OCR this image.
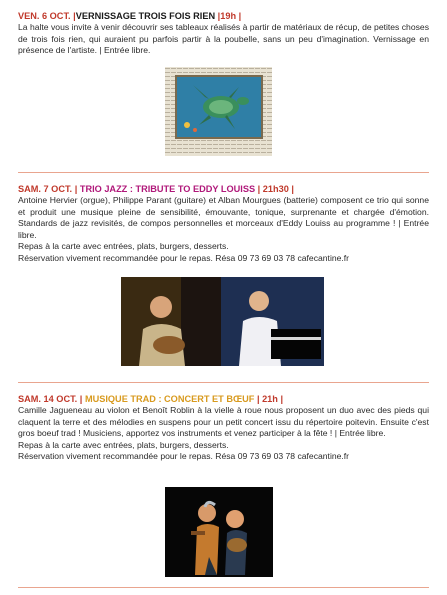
VEN. 6 OCT. |VERNISSAGE TROIS FOIS RIEN |19h |

La halte vous invite à venir découvrir ses tableaux réalisés à partir de matériaux de récup, de petites choses de trois fois rien, qui auraient pu parfois partir à la poubelle, sans un peu d'imagination. Vernissage en présence de l'artiste. | Entrée libre.

SAM. 7 OCT. | TRIO JAZZ : TRIBUTE TO EDDY LOUISS | 21h30 |

Antoine Hervier (orgue), Philippe Parant (guitare) et Alban Mourgues (batterie) composent ce trio qui sonne et produit une musique pleine de sensibilité, émouvante, tonique, surprenante et chargée d'émotion. Standards de jazz revisités, de compos personnelles et morceaux d'Eddy Louiss au programme ! | Entrée libre.

Repas à la carte avec entrées, plats, burgers, desserts.

Réservation vivement recommandée pour le repas. Résa 09 73 69 03 78 cafecantine.fr

SAM. 14 OCT. | MUSIQUE TRAD : CONCERT ET BŒUF | 21h |

Camille Jagueneau au violon et Benoît Roblin à la vielle à roue nous proposent un duo avec des pieds qui claquent la terre et des mélodies en suspens pour un petit concert issu du répertoire poitevin. Ensuite c'est gros boeuf trad ! Musiciens, apportez vos instruments et venez participer à la fête ! | Entrée libre.

Repas à la carte avec entrées, plats, burgers, desserts.

Réservation vivement recommandée pour le repas. Résa 09 73 69 03 78 cafecantine.fr
